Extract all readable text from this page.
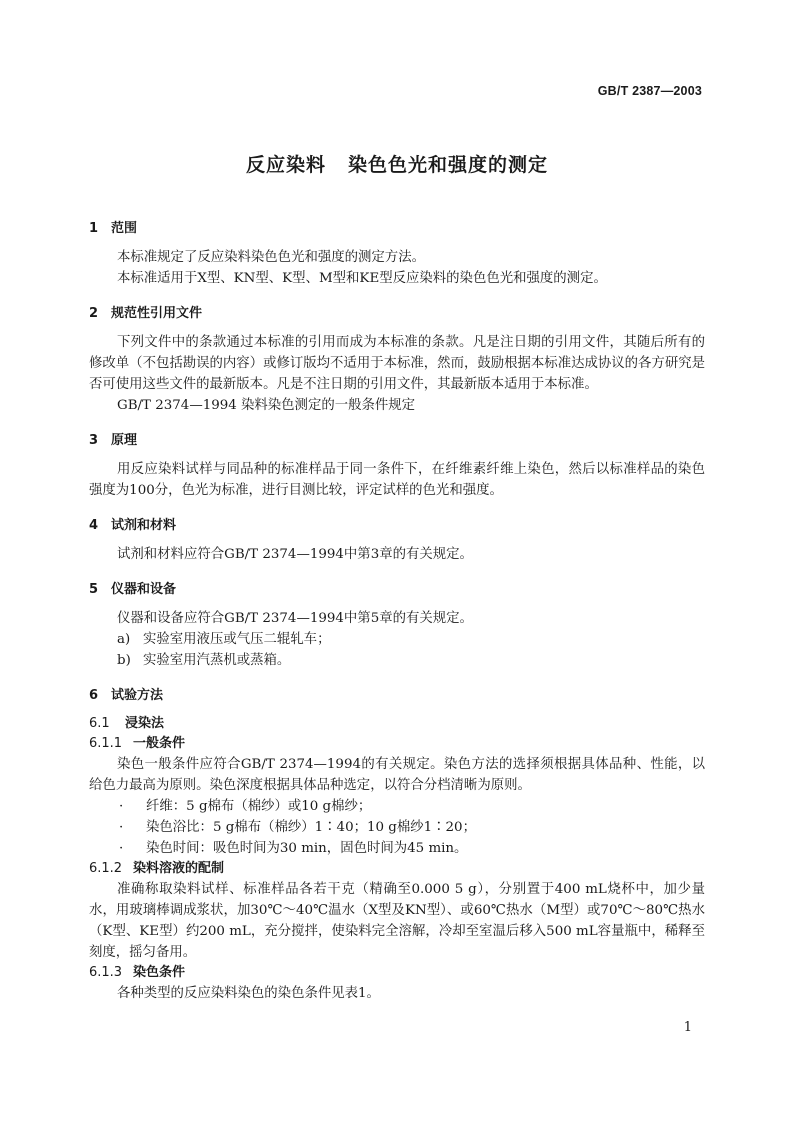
GB/T 2387—2003
反应染料 染色色光和强度的测定
1 范围

本标准规定了反应染料染色色光和强度的测定方法。

本标准适用于X型、KN型、K型、M型和KE型反应染料的染色色光和强度的测定。

2 规范性引用文件

下列文件中的条款通过本标准的引用而成为本标准的条款。凡是注日期的引用文件，其随后所有的修改单（不包括勘误的内容）或修订版均不适用于本标准，然而，鼓励根据本标准达成协议的各方研究是否可使用这些文件的最新版本。凡是不注日期的引用文件，其最新版本适用于本标准。

GB/T 2374—1994 染料染色测定的一般条件规定
3 原理

用反应染料试样与同品种的标准样品于同一条件下，在纤维素纤维上染色，然后以标准样品的染色强度为100分，色光为标准，进行目测比较，评定试样的色光和强度。

4 试剂和材料

试剂和材料应符合GB/T 2374—1994中第3章的有关规定。

5 仪器和设备

仪器和设备应符合GB/T 2374—1994中第5章的有关规定。

a) 实验室用液压或气压二辊轧车；
b) 实验室用汽蒸机或蒸箱。
6 试验方法
6.1 浸染法
6.1.1 一般条件

染色一般条件应符合GB/T 2374—1994的有关规定。染色方法的选择须根据具体品种、性能，以给色力最高为原则。染色深度根据具体品种选定，以符合分档清晰为原则。

·	纤维：5 g棉布（棉纱）或10 g棉纱；
·	染色浴比：5 g棉布（棉纱）1∶40；10 g棉纱1∶20；
·	染色时间：吸色时间为30 min，固色时间为45 min。
6.1.2 染料溶液的配制

准确称取染料试样、标准样品各若干克（精确至0.000 5 g），分别置于400 mL烧杯中，加少量水，用玻璃棒调成浆状，加30℃～40℃温水（X型及KN型）、或60℃热水（M型）或70℃～80℃热水（K型、KE型）约200 mL，充分搅拌，使染料完全溶解，冷却至室温后移入500 mL容量瓶中，稀释至刻度，摇匀备用。

6.1.3 染色条件

各种类型的反应染料染色的染色条件见表1。

1
